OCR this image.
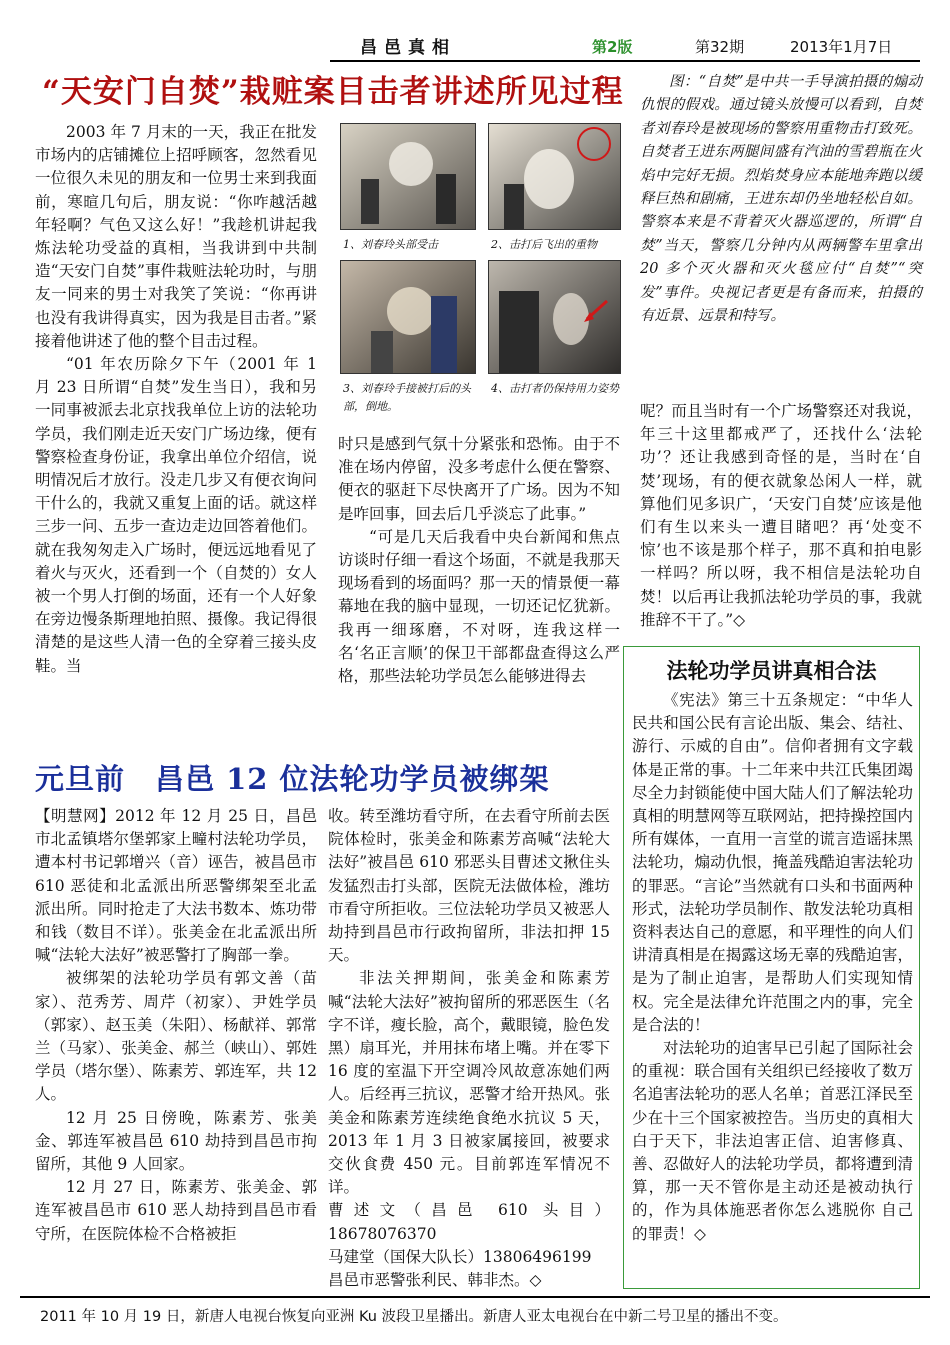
昌邑真相	第2版	第32期	2013年1月7日
“天安门自焚”栽赃案目击者讲述所见过程

2003 年 7 月末的一天，我正在批发市场内的店铺摊位上招呼顾客，忽然看见一位很久未见的朋友和一位男士来到我面前，寒暄几句后，朋友说：“你咋越活越年轻啊？气色又这么好！”我趁机讲起我炼法轮功受益的真相，当我讲到中共制造“天安门自焚”事件栽赃法轮功时，与朋友一同来的男士对我笑了笑说：“你再讲也没有我讲得真实，因为我是目击者。”紧接着他讲述了他的整个目击过程。

“01 年农历除夕下午（2001 年 1 月 23 日所谓“自焚”发生当日），我和另一同事被派去北京找我单位上访的法轮功学员，我们刚走近天安门广场边缘，便有警察检查身份证，我拿出单位介绍信，说明情况后才放行。没走几步又有便衣询问干什么的，我就又重复上面的话。就这样三步一问、五步一查边走边回答着他们。就在我匆匆走入广场时，便远远地看见了着火与灭火，还看到一个（自焚的）女人被一个男人打倒的场面，还有一个人好象在旁边慢条斯理地拍照、摄像。我记得很清楚的是这些人清一色的全穿着三接头皮鞋。当

1、刘春玲头部受击	2、击打后飞出的重物
3、刘春玲手接被打后的头部，倒地。
4、击打者仍保持用力姿势

时只是感到气氛十分紧张和恐怖。由于不准在场内停留，没多考虑什么便在警察、便衣的驱赶下尽快离开了广场。因为不知是咋回事，回去后几乎淡忘了此事。”

“可是几天后我看中央台新闻和焦点访谈时仔细一看这个场面，不就是我那天现场看到的场面吗？那一天的情景便一幕幕地在我的脑中显现，一切还记忆犹新。我再一细琢磨，不对呀，连我这样一名‘名正言顺’的保卫干部都盘查得这么严格，那些法轮功学员怎么能够进得去

图：“自焚”是中共一手导演拍摄的煽动仇恨的假戏。通过镜头放慢可以看到，自焚者刘春玲是被现场的警察用重物击打致死。自焚者王进东两腿间盛有汽油的雪碧瓶在火焰中完好无损。烈焰焚身应本能地奔跑以缓释巨热和剧痛，王进东却仍坐地轻松自如。警察本来是不背着灭火器巡逻的，所谓“自焚”当天，警察几分钟内从两辆警车里拿出 20 多个灭火器和灭火毯应付“自焚”“突发”事件。央视记者更是有备而来，拍摄的有近景、远景和特写。

呢？而且当时有一个广场警察还对我说，年三十这里都戒严了，还找什么‘法轮功’？还让我感到奇怪的是，当时在‘自焚’现场，有的便衣就象怂闲人一样，就算他们见多识广，‘天安门自焚’应该是他们有生以来头一遭目睹吧？再‘处变不惊’也不该是那个样子，那不真和拍电影一样吗？所以呀，我不相信是法轮功自焚！以后再让我抓法轮功学员的事，我就推辞不干了。”◇

元旦前　昌邑 12 位法轮功学员被绑架

【明慧网】2012 年 12 月 25 日，昌邑市北孟镇塔尔堡郭家上疃村法轮功学员，遭本村书记郭增兴（音）诬告，被昌邑市 610 恶徒和北孟派出所恶警绑架至北孟派出所。同时抢走了大法书数本、炼功带和钱（数目不详）。张美金在北孟派出所喊“法轮大法好”被恶警打了胸部一拳。

被绑架的法轮功学员有郭文善（苗家）、范秀芳、周芹（初家）、尹姓学员（郭家）、赵玉美（朱阳）、杨献祥、郭常兰（马家）、张美金、郝兰（峡山）、郭姓学员（塔尔堡）、陈素芳、郭连军，共 12 人。

12 月 25 日傍晚，陈素芳、张美金、郭连军被昌邑 610 劫持到昌邑市拘留所，其他 9 人回家。

12 月 27 日，陈素芳、张美金、郭连军被昌邑市 610 恶人劫持到昌邑市看守所，在医院体检不合格被拒

收。转至潍坊看守所，在去看守所前去医院体检时，张美金和陈素芳高喊“法轮大法好”被昌邑 610 邪恶头目曹述文揪住头发猛烈击打头部，医院无法做体检，潍坊市看守所拒收。三位法轮功学员又被恶人劫持到昌邑市行政拘留所，非法扣押 15 天。

非法关押期间，张美金和陈素芳喊“法轮大法好”被拘留所的邪恶医生（名字不详，瘦长脸，高个，戴眼镜，脸色发黑）扇耳光，并用抹布堵上嘴。并在零下 16 度的室温下开空调冷风故意冻她们两人。后经再三抗议，恶警才给开热风。张美金和陈素芳连续绝食绝水抗议 5 天，2013 年 1 月 3 日被家属接回，被要求交伙食费 450 元。目前郭连军情况不详。

曹述文（昌邑 610 头目）18678076370

马建堂（国保大队长）13806496199

昌邑市恶警张利民、韩非杰。◇

法轮功学员讲真相合法

《宪法》第三十五条规定：“中华人民共和国公民有言论出版、集会、结社、游行、示威的自由”。信仰者拥有文字载体是正常的事。十二年来中共江氏集团竭尽全力封锁能使中国大陆人们了解法轮功真相的明慧网等互联网站，把持操控国内所有媒体，一直用一言堂的谎言造谣抹黑法轮功，煽动仇恨，掩盖残酷迫害法轮功的罪恶。“言论”当然就有口头和书面两种形式，法轮功学员制作、散发法轮功真相资料表达自己的意愿，和平理性的向人们讲清真相是在揭露这场无辜的残酷迫害，是为了制止迫害，是帮助人们实现知情权。完全是法律允许范围之内的事，完全是合法的！

对法轮功的迫害早已引起了国际社会的重视：联合国有关组织已经接收了数万名追害法轮功的恶人名单；首恶江泽民至少在十三个国家被控告。当历史的真相大白于天下，非法迫害正信、迫害修真、善、忍做好人的法轮功学员，都将遭到清算，那一天不管你是主动还是被动执行的，作为具体施恶者你怎么逃脱你 自己的罪责！◇

2011 年 10 月 19 日，新唐人电视台恢复向亚洲 Ku 波段卫星播出。新唐人亚太电视台在中新二号卫星的播出不变。
